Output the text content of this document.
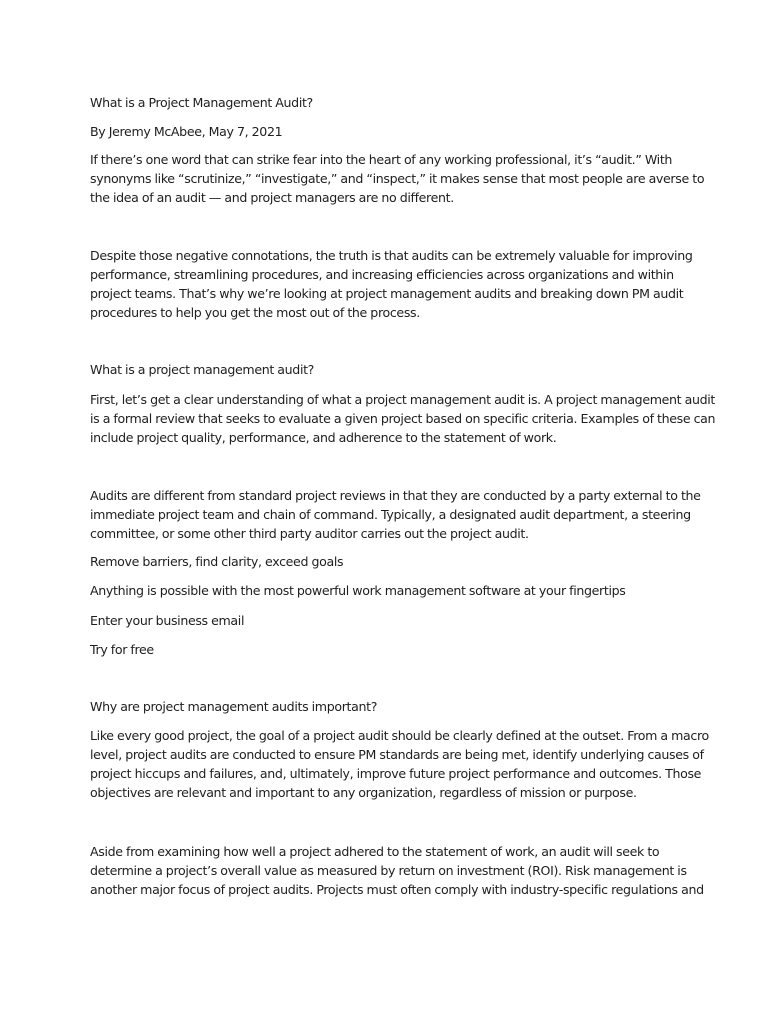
What is a Project Management Audit?

By Jeremy McAbee, May 7, 2021

If there’s one word that can strike fear into the heart of any working professional, it’s “audit.” With
synonyms like “scrutinize,” “investigate,” and “inspect,” it makes sense that most people are averse to
the idea of an audit — and project managers are no different.

Despite those negative connotations, the truth is that audits can be extremely valuable for improving
performance, streamlining procedures, and increasing efficiencies across organizations and within
project teams. That’s why we’re looking at project management audits and breaking down PM audit
procedures to help you get the most out of the process.

What is a project management audit?

First, let’s get a clear understanding of what a project management audit is. A project management audit
is a formal review that seeks to evaluate a given project based on specific criteria. Examples of these can
include project quality, performance, and adherence to the statement of work.

Audits are different from standard project reviews in that they are conducted by a party external to the
immediate project team and chain of command. Typically, a designated audit department, a steering
committee, or some other third party auditor carries out the project audit.

Remove barriers, find clarity, exceed goals

Anything is possible with the most powerful work management software at your fingertips

Enter your business email

Try for free

Why are project management audits important?

Like every good project, the goal of a project audit should be clearly defined at the outset. From a macro
level, project audits are conducted to ensure PM standards are being met, identify underlying causes of
project hiccups and failures, and, ultimately, improve future project performance and outcomes. Those
objectives are relevant and important to any organization, regardless of mission or purpose.

Aside from examining how well a project adhered to the statement of work, an audit will seek to
determine a project’s overall value as measured by return on investment (ROI). Risk management is
another major focus of project audits. Projects must often comply with industry-specific regulations and
